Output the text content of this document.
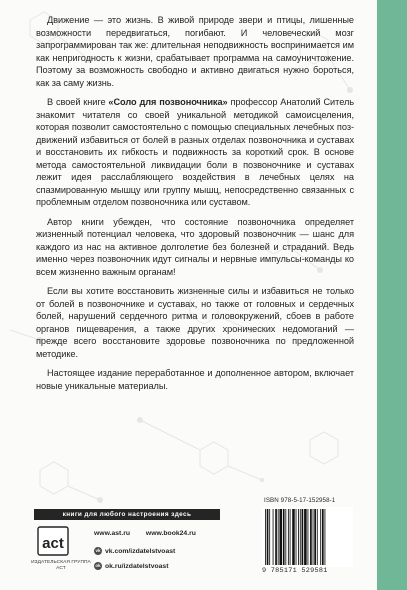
Движение — это жизнь. В живой природе звери и птицы, лишенные возможности передвигаться, погибают. И человеческий мозг запрограммирован так же: длительная неподвижность воспринимается им как непригодность к жизни, срабатывает программа на самоуничтожение. Поэтому за возможность свободно и активно двигаться нужно бороться, как за саму жизнь.

В своей книге «Соло для позвоночника» профессор Анатолий Ситель знакомит читателя со своей уникальной методикой самоисцеления, которая позволит самостоятельно с помощью специальных лечебных поз-движений избавиться от болей в разных отделах позвоночника и суставах и восстановить их гибкость и подвижность за короткий срок. В основе метода самостоятельной ликвидации боли в позвоночнике и суставах лежит идея расслабляющего воздействия в лечебных целях на спазмированную мышцу или группу мышц, непосредственно связанных с проблемным отделом позвоночника или суставом.

Автор книги убежден, что состояние позвоночника определяет жизненный потенциал человека, что здоровый позвоночник — шанс для каждого из нас на активное долголетие без болезней и страданий. Ведь именно через позвоночник идут сигналы и нервные импульсы-команды ко всем жизненно важным органам!

Если вы хотите восстановить жизненные силы и избавиться не только от болей в позвоночнике и суставах, но также от головных и сердечных болей, нарушений сердечного ритма и головокружений, сбоев в работе органов пищеварения, а также других хронических недомоганий — прежде всего восстановите здоровье позвоночника по предложенной методике.

Настоящее издание переработанное и дополненное автором, включает новые уникальные материалы.

книги для любого настроения здесь
act
ИЗДАТЕЛЬСКАЯ ГРУППА АСТ
www.ast.ru www.book24.ru
vk vk.com/izdatelstvoast
ok ok.ru/izdatelstvoast
ISBN 978-5-17-152958-1
9 785171 529581
